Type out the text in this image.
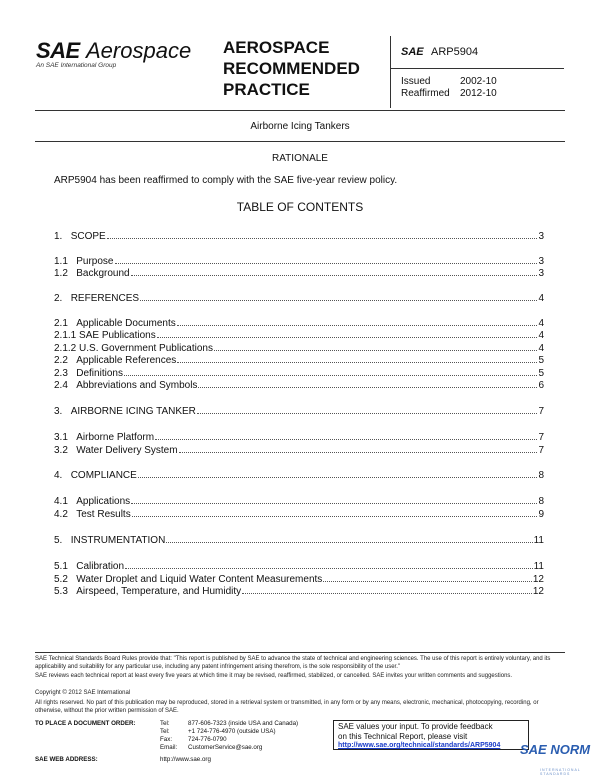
SAE Aerospace
An SAE International Group
AEROSPACE
RECOMMENDED
PRACTICE
SAE ARP5904
Issued	2002-10
Reaffirmed 2012-10
Airborne Icing Tankers
RATIONALE
ARP5904 has been reaffirmed to comply with the SAE five-year review policy.
TABLE OF CONTENTS
1. SCOPE	3
1.1 Purpose	3
1.2 Background	3
2. REFERENCES	4
2.1 Applicable Documents	4
2.1.1 SAE Publications	4
2.1.2 U.S. Government Publications	4
2.2 Applicable References	5
2.3 Definitions	5
2.4 Abbreviations and Symbols	6
3. AIRBORNE ICING TANKER	7
3.1 Airborne Platform	7
3.2 Water Delivery System	7
4. COMPLIANCE	8
4.1 Applications	8
4.2 Test Results	9
5. INSTRUMENTATION	11
5.1 Calibration	11
5.2 Water Droplet and Liquid Water Content Measurements	12
5.3 Airspeed, Temperature, and Humidity	12
SAE Technical Standards Board Rules provide that: "This report is published by SAE to advance the state of technical and engineering sciences. The use of this report is entirely voluntary, and its applicability and suitability for any particular use, including any patent infringement arising therefrom, is the sole responsibility of the user."
SAE reviews each technical report at least every five years at which time it may be revised, reaffirmed, stabilized, or cancelled. SAE invites your written comments and suggestions.
Copyright © 2012 SAE International
All rights reserved. No part of this publication may be reproduced, stored in a retrieval system or transmitted, in any form or by any means, electronic, mechanical, photocopying, recording, or otherwise, without the prior written permission of SAE.
TO PLACE A DOCUMENT ORDER:	Tel:	877-606-7323 (inside USA and Canada)
Tel:	+1 724-776-4970 (outside USA)
Fax:	724-776-0790
Email: CustomerService@sae.org
SAE WEB ADDRESS:	http://www.sae.org
SAE values your input. To provide feedback
on this Technical Report, please visit
http://www.sae.org/technical/standards/ARP5904	SAE NORM
INTERNATIONAL STANDARDS
